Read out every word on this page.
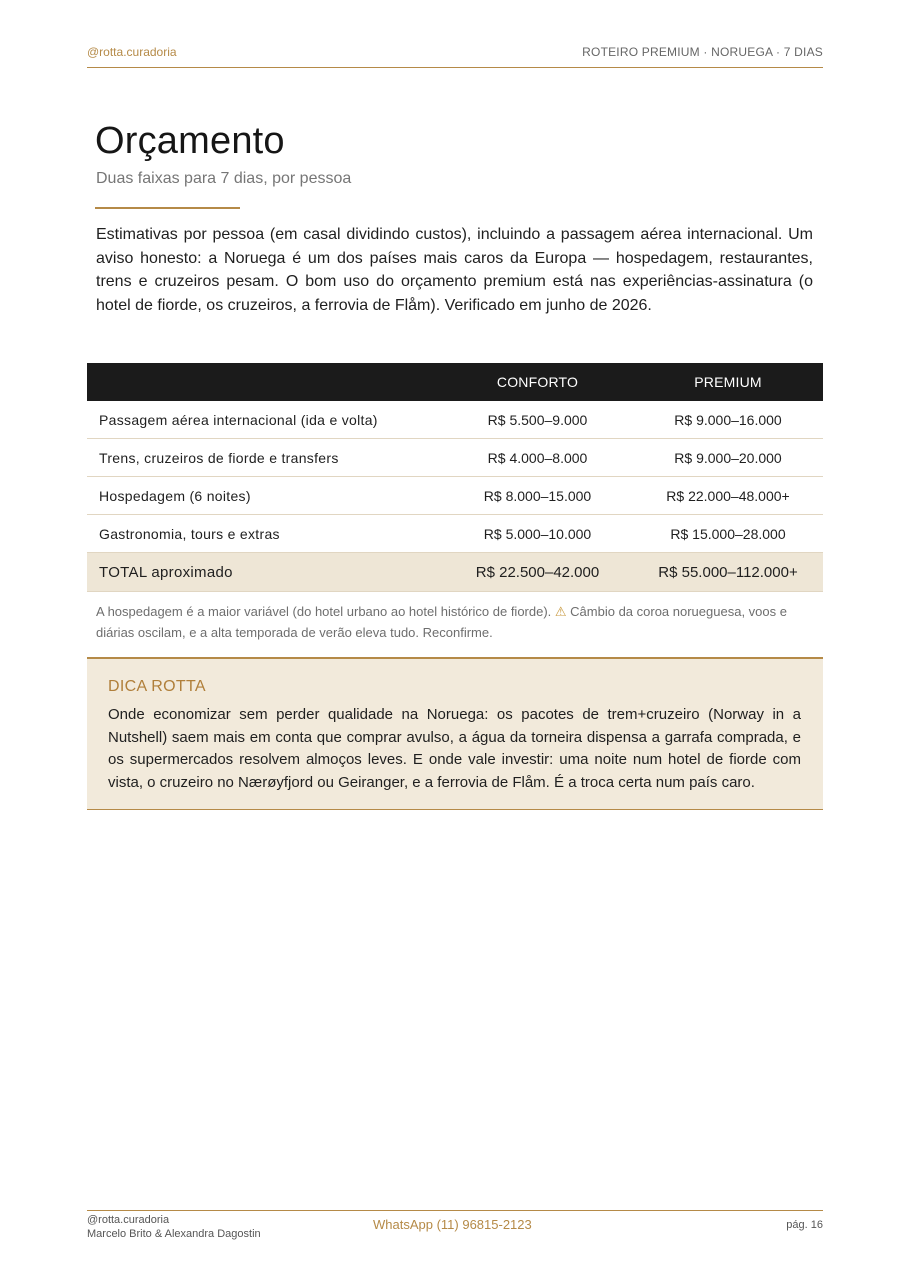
@rotta.curadoria	ROTEIRO PREMIUM · NORUEGA · 7 DIAS
Orçamento
Duas faixas para 7 dias, por pessoa

Estimativas por pessoa (em casal dividindo custos), incluindo a passagem aérea internacional. Um aviso honesto: a Noruega é um dos países mais caros da Europa — hospedagem, restaurantes, trens e cruzeiros pesam. O bom uso do orçamento premium está nas experiências-assinatura (o hotel de fiorde, os cruzeiros, a ferrovia de Flåm). Verificado em junho de 2026.

	CONFORTO	PREMIUM
Passagem aérea internacional (ida e volta)	R$ 5.500–9.000	R$ 9.000–16.000
Trens, cruzeiros de fiorde e transfers	R$ 4.000–8.000	R$ 9.000–20.000
Hospedagem (6 noites)	R$ 8.000–15.000	R$ 22.000–48.000+
Gastronomia, tours e extras	R$ 5.000–10.000	R$ 15.000–28.000
TOTAL aproximado	R$ 22.500–42.000	R$ 55.000–112.000+

A hospedagem é a maior variável (do hotel urbano ao hotel histórico de fiorde). ⚠ Câmbio da coroa norueguesa, voos e diárias oscilam, e a alta temporada de verão eleva tudo. Reconfirme.

DICA ROTTA

Onde economizar sem perder qualidade na Noruega: os pacotes de trem+cruzeiro (Norway in a Nutshell) saem mais em conta que comprar avulso, a água da torneira dispensa a garrafa comprada, e os supermercados resolvem almoços leves. E onde vale investir: uma noite num hotel de fiorde com vista, o cruzeiro no Nærøyfjord ou Geiranger, e a ferrovia de Flåm. É a troca certa num país caro.

@rotta.curadoria
Marcelo Brito & Alexandra Dagostin
WhatsApp (11) 96815-2123	pág. 16
